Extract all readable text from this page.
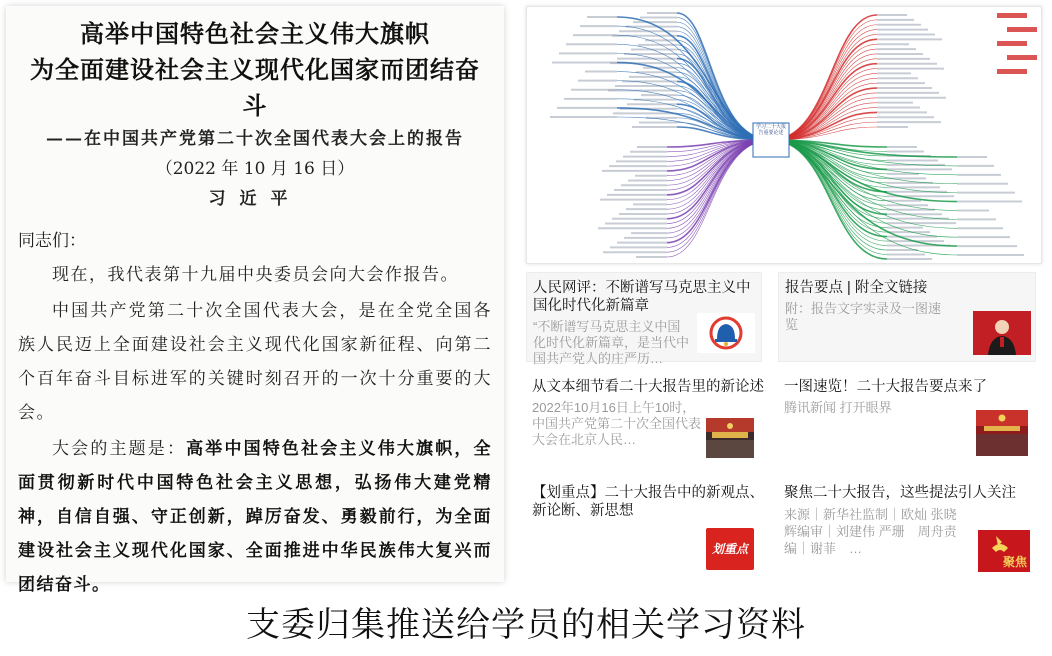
高举中国特色社会主义伟大旗帜
为全面建设社会主义现代化国家而团结奋斗
——在中国共产党第二十次全国代表大会上的报告
（2022 年 10 月 16 日）
习近平
同志们：
现在，我代表第十九届中央委员会向大会作报告。
中国共产党第二十次全国代表大会，是在全党全国各族人民迈上全面建设社会主义现代化国家新征程、向第二个百年奋斗目标进军的关键时刻召开的一次十分重要的大会。
大会的主题是：高举中国特色社会主义伟大旗帜，全面贯彻新时代中国特色社会主义思想，弘扬伟大建党精神，自信自强、守正创新，踔厉奋发、勇毅前行，为全面建设社会主义现代化国家、全面推进中华民族伟大复兴而团结奋斗。
学习二十大报告重要论述
人民网评：不断谱写马克思主义中国化时代化新篇章
“不断谱写马克思主义中国化时代化新篇章，是当代中国共产党人的庄严历…
报告要点 | 附全文链接
附：报告文字实录及一图速览
从文本细节看二十大报告里的新论述
2022年10月16日上午10时，中国共产党第二十次全国代表大会在北京人民…
一图速览！二十大报告要点来了
腾讯新闻 打开眼界
【划重点】二十大报告中的新观点、新论断、新思想
划重点
聚焦二十大报告，这些提法引人关注
来源｜新华社监制｜欧灿 张晓辉编审｜刘建伟 严珊　周舟责编｜谢菲　…
聚焦
支委归集推送给学员的相关学习资料
